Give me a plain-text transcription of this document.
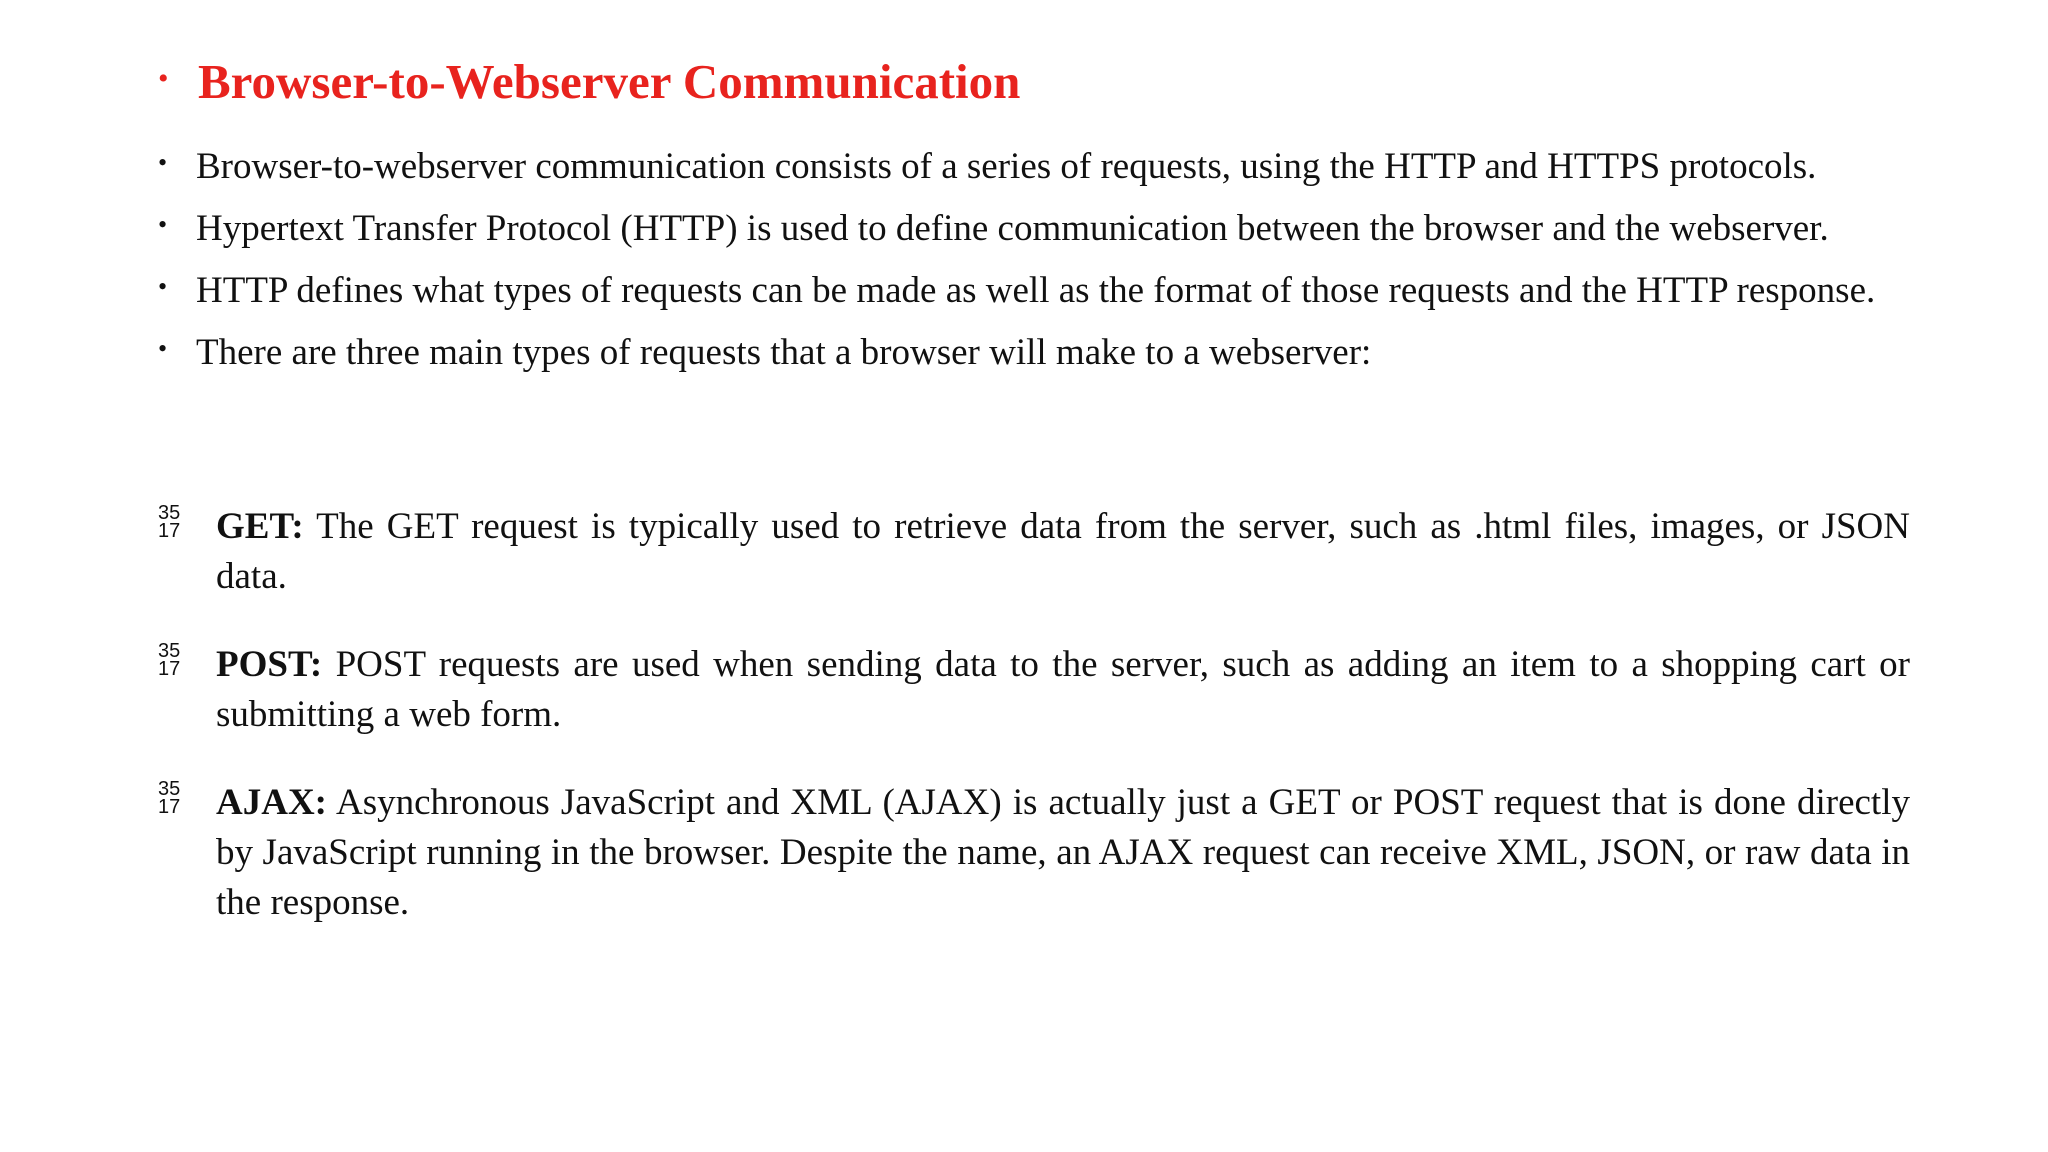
• Browser-to-Webserver Communication
• Browser-to-webserver communication consists of a series of requests, using the HTTP and HTTPS protocols.
• Hypertext Transfer Protocol (HTTP) is used to define communication between the browser and the webserver.
• HTTP defines what types of requests can be made as well as the format of those requests and the HTTP response.
• There are three main types of requests that a browser will make to a webserver:
35
17 GET: The GET request is typically used to retrieve data from the server, such as .html files, images, or JSON data.
35
17 POST: POST requests are used when sending data to the server, such as adding an item to a shopping cart or submitting a web form.
35
17 AJAX: Asynchronous JavaScript and XML (AJAX) is actually just a GET or POST request that is done directly by JavaScript running in the browser. Despite the name, an AJAX request can receive XML, JSON, or raw data in the response.
